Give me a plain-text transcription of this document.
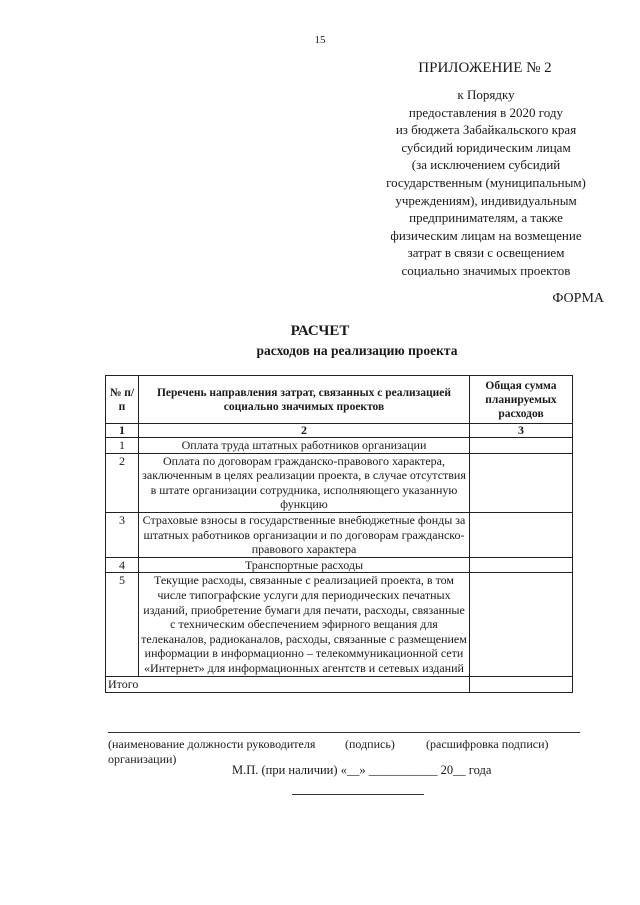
15
ПРИЛОЖЕНИЕ № 2
к Порядку
предоставления в 2020 году
из бюджета Забайкальского края
субсидий юридическим лицам
(за исключением субсидий
государственным (муниципальным)
учреждениям), индивидуальным
предпринимателям, а также
физическим лицам на возмещение
затрат в связи с освещением
социально значимых проектов
ФОРМА
РАСЧЕТ
расходов на реализацию проекта
№ п/п	Перечень направления затрат, связанных с реализацией социально значимых проектов	Общая сумма планируемых расходов
1	2	3
1	Оплата труда штатных работников организации	
2	Оплата по договорам гражданско-правового характера, заключенным в целях реализации проекта, в случае отсутствия в штате организации сотрудника, исполняющего указанную функцию	
3	Страховые взносы в государственные внебюджетные фонды за штатных работников организации и по договорам гражданско-правового характера	
4	Транспортные расходы	
5	Текущие расходы, связанные с реализацией проекта, в том числе типографские услуги для периодических печатных изданий, приобретение бумаги для печати, расходы, связанные с техническим обеспечением эфирного вещания для телеканалов, радиоканалов, расходы, связанные с размещением информации в информационно – телекоммуникационной сети «Интернет» для информационных агентств и сетевых изданий	
Итого		
(наименование должности руководителя
организации)
(подпись)	(расшифровка подписи)
М.П. (при наличии) «__» ___________ 20__ года
